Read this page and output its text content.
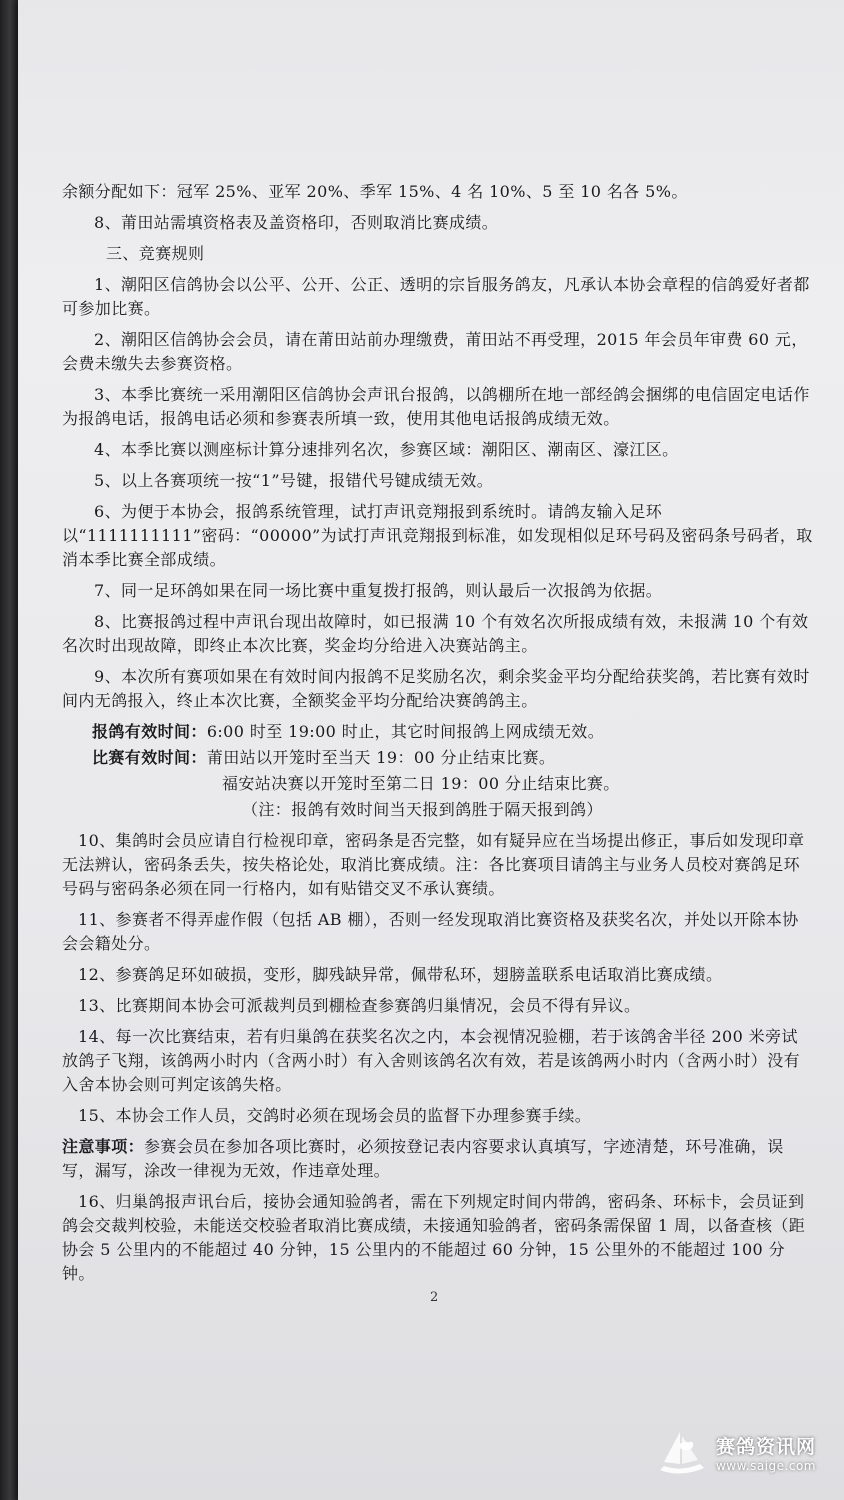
余额分配如下：冠军 25%、亚军 20%、季军 15%、4 名 10%、5 至 10 名各 5%。

8、莆田站需填资格表及盖资格印，否则取消比赛成绩。

三、竞赛规则

1、潮阳区信鸽协会以公平、公开、公正、透明的宗旨服务鸽友，凡承认本协会章程的信鸽爱好者都可参加比赛。

2、潮阳区信鸽协会会员，请在莆田站前办理缴费，莆田站不再受理，2015 年会员年审费 60 元，会费未缴失去参赛资格。

3、本季比赛统一采用潮阳区信鸽协会声讯台报鸽，以鸽棚所在地一部经鸽会捆绑的电信固定电话作为报鸽电话，报鸽电话必须和参赛表所填一致，使用其他电话报鸽成绩无效。

4、本季比赛以测座标计算分速排列名次，参赛区域：潮阳区、潮南区、濠江区。

5、以上各赛项统一按“1”号键，报错代号键成绩无效。

6、为便于本协会，报鸽系统管理，试打声讯竞翔报到系统时。请鸽友输入足环以“1111111111”密码：“00000”为试打声讯竞翔报到标准，如发现相似足环号码及密码条号码者，取消本季比赛全部成绩。

7、同一足环鸽如果在同一场比赛中重复拨打报鸽，则认最后一次报鸽为依据。

8、比赛报鸽过程中声讯台现出故障时，如已报满 10 个有效名次所报成绩有效，未报满 10 个有效名次时出现故障，即终止本次比赛，奖金均分给进入决赛站鸽主。

9、本次所有赛项如果在有效时间内报鸽不足奖励名次，剩余奖金平均分配给获奖鸽，若比赛有效时间内无鸽报入，终止本次比赛，全额奖金平均分配给决赛鸽鸽主。

报鸽有效时间：6:00 时至 19:00 时止，其它时间报鸽上网成绩无效。
比赛有效时间：莆田站以开笼时至当天 19：00 分止结束比赛。
福安站决赛以开笼时至第二日 19：00 分止结束比赛。
（注：报鸽有效时间当天报到鸽胜于隔天报到鸽）

10、集鸽时会员应请自行检视印章，密码条是否完整，如有疑异应在当场提出修正，事后如发现印章无法辨认，密码条丢失，按失格论处，取消比赛成绩。注：各比赛项目请鸽主与业务人员校对赛鸽足环号码与密码条必须在同一行格内，如有贴错交叉不承认赛绩。

11、参赛者不得弄虚作假（包括 AB 棚），否则一经发现取消比赛资格及获奖名次，并处以开除本协会会籍处分。

12、参赛鸽足环如破损，变形，脚残缺异常，佩带私环，翅膀盖联系电话取消比赛成绩。

13、比赛期间本协会可派裁判员到棚检查参赛鸽归巢情况，会员不得有异议。

14、每一次比赛结束，若有归巢鸽在获奖名次之内，本会视情况验棚，若于该鸽舍半径 200 米旁试放鸽子飞翔，该鸽两小时内（含两小时）有入舍则该鸽名次有效，若是该鸽两小时内（含两小时）没有入舍本协会则可判定该鸽失格。

15、本协会工作人员，交鸽时必须在现场会员的监督下办理参赛手续。

注意事项：参赛会员在参加各项比赛时，必须按登记表内容要求认真填写，字迹清楚，环号准确，误写，漏写，涂改一律视为无效，作违章处理。

16、归巢鸽报声讯台后，接协会通知验鸽者，需在下列规定时间内带鸽，密码条、环标卡，会员证到鸽会交裁判校验，未能送交校验者取消比赛成绩，未接通知验鸽者，密码条需保留 1 周，以备查核（距协会 5 公里内的不能超过 40 分钟，15 公里内的不能超过 60 分钟，15 公里外的不能超过 100 分钟。

2
赛鸽资讯网
www.saige.com
